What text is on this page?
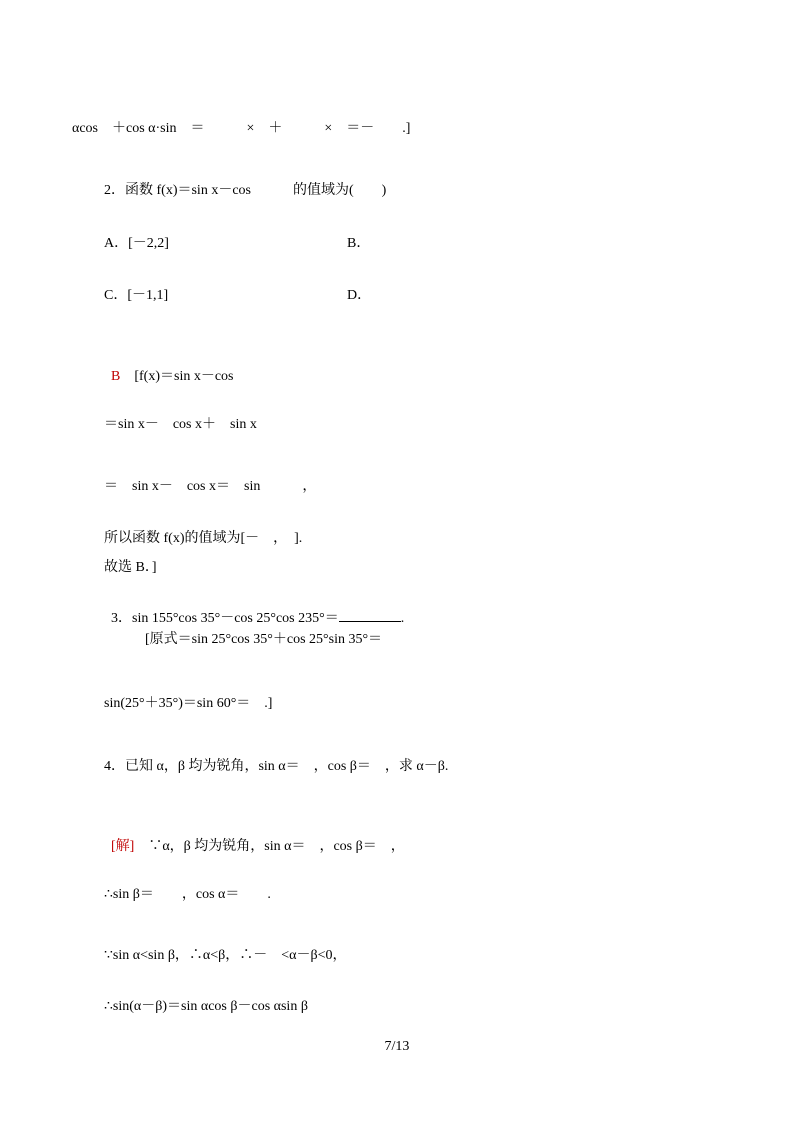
αcos　＋cos α·sin　＝　　　×　＋　　　×　＝－　　.]
2．函数 f(x)＝sin x－cos　　　的值域为(　　)
A．[－2,2]	B．
C．[－1,1]	D．

B　 [f(x)＝sin x－cos

＝sin x－　cos x＋　sin x
＝　sin x－　cos x＝　sin　　　，
所以函数 f(x)的值域为[－　，　].
故选 B．]

3．sin 155°cos 35°－cos 25°cos 235°＝	.

[原式＝sin 25°cos 35°＋cos 25°sin 35°＝
sin(25°＋35°)＝sin 60°＝　.]
4．已知 α，β 均为锐角，sin α＝　，cos β＝　，求 α－β.

[解]　 ∵α，β 均为锐角，sin α＝　，cos β＝　，

∴sin β＝　　，cos α＝　　.
∵sin α<sin β，∴α<β，∴－　<α－β<0，
∴sin(α－β)＝sin αcos β－cos αsin β
7/13
